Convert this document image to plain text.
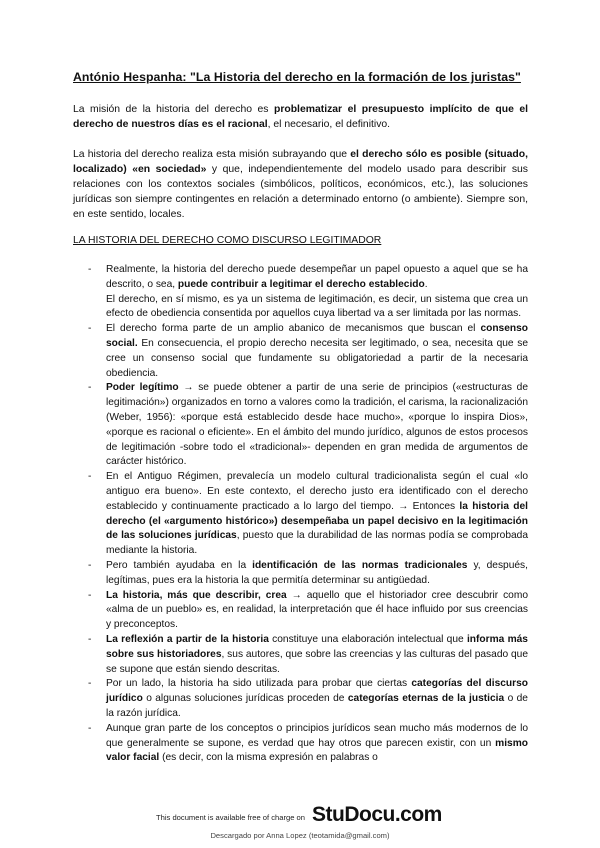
António Hespanha: "La Historia del derecho en la formación de los juristas"
La misión de la historia del derecho es problematizar el presupuesto implícito de que el derecho de nuestros días es el racional, el necesario, el definitivo.
La historia del derecho realiza esta misión subrayando que el derecho sólo es posible (situado, localizado) «en sociedad» y que, independientemente del modelo usado para describir sus relaciones con los contextos sociales (simbólicos, políticos, económicos, etc.), las soluciones jurídicas son siempre contingentes en relación a determinado entorno (o ambiente). Siempre son, en este sentido, locales.
LA HISTORIA DEL DERECHO COMO DISCURSO LEGITIMADOR
- Realmente, la historia del derecho puede desempeñar un papel opuesto a aquel que se ha descrito, o sea, puede contribuir a legitimar el derecho establecido.
El derecho, en sí mismo, es ya un sistema de legitimación, es decir, un sistema que crea un efecto de obediencia consentida por aquellos cuya libertad va a ser limitada por las normas.
- El derecho forma parte de un amplio abanico de mecanismos que buscan el consenso social. En consecuencia, el propio derecho necesita ser legitimado, o sea, necesita que se cree un consenso social que fundamente su obligatoriedad a partir de la necesaria obediencia.
- Poder legítimo → se puede obtener a partir de una serie de principios («estructuras de legitimación») organizados en torno a valores como la tradición, el carisma, la racionalización (Weber, 1956): «porque está establecido desde hace mucho», «porque lo inspira Dios», «porque es racional o eficiente». En el ámbito del mundo jurídico, algunos de estos procesos de legitimación -sobre todo el «tradicional»- dependen en gran medida de argumentos de carácter histórico.
- En el Antiguo Régimen, prevalecía un modelo cultural tradicionalista según el cual «lo antiguo era bueno». En este contexto, el derecho justo era identificado con el derecho establecido y continuamente practicado a lo largo del tiempo. → Entonces la historia del derecho (el «argumento histórico») desempeñaba un papel decisivo en la legitimación de las soluciones jurídicas, puesto que la durabilidad de las normas podía se comprobada mediante la historia.
- Pero también ayudaba en la identificación de las normas tradicionales y, después, legítimas, pues era la historia la que permitía determinar su antigüedad.
- La historia, más que describir, crea → aquello que el historiador cree descubrir como «alma de un pueblo» es, en realidad, la interpretación que él hace influido por sus creencias y preconceptos.
- La reflexión a partir de la historia constituye una elaboración intelectual que informa más sobre sus historiadores, sus autores, que sobre las creencias y las culturas del pasado que se supone que están siendo descritas.
- Por un lado, la historia ha sido utilizada para probar que ciertas categorías del discurso jurídico o algunas soluciones jurídicas proceden de categorías eternas de la justicia o de la razón jurídica.
- Aunque gran parte de los conceptos o principios jurídicos sean mucho más modernos de lo que generalmente se supone, es verdad que hay otros que parecen existir, con un mismo valor facial (es decir, con la misma expresión en palabras o
This document is available free of charge on StuDocu.com
Descargado por Anna Lopez (teotamida@gmail.com)
